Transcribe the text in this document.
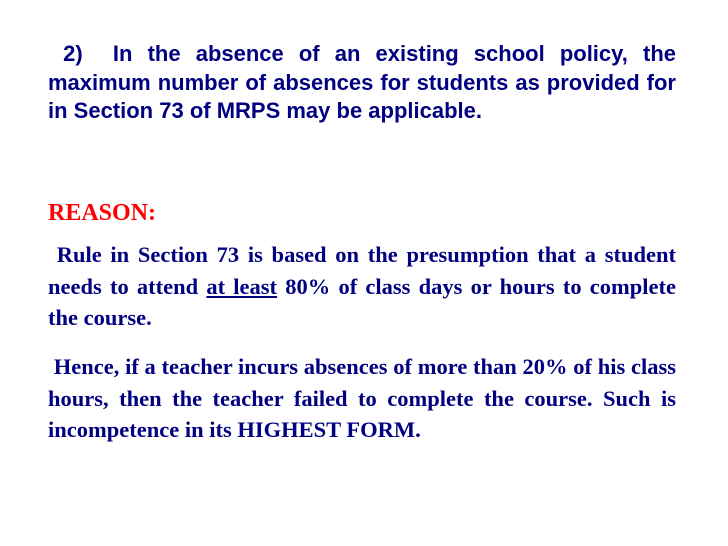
2)  In the absence of an existing school policy, the maximum number of absences for students as provided for in Section 73 of MRPS may be applicable.
REASON:
Rule in Section 73 is based on the presumption that a student needs to attend at least 80% of class days or hours to complete the course.
Hence, if a teacher incurs absences of more than 20% of his class hours, then the teacher failed to complete the course. Such is incompetence in its HIGHEST FORM.
